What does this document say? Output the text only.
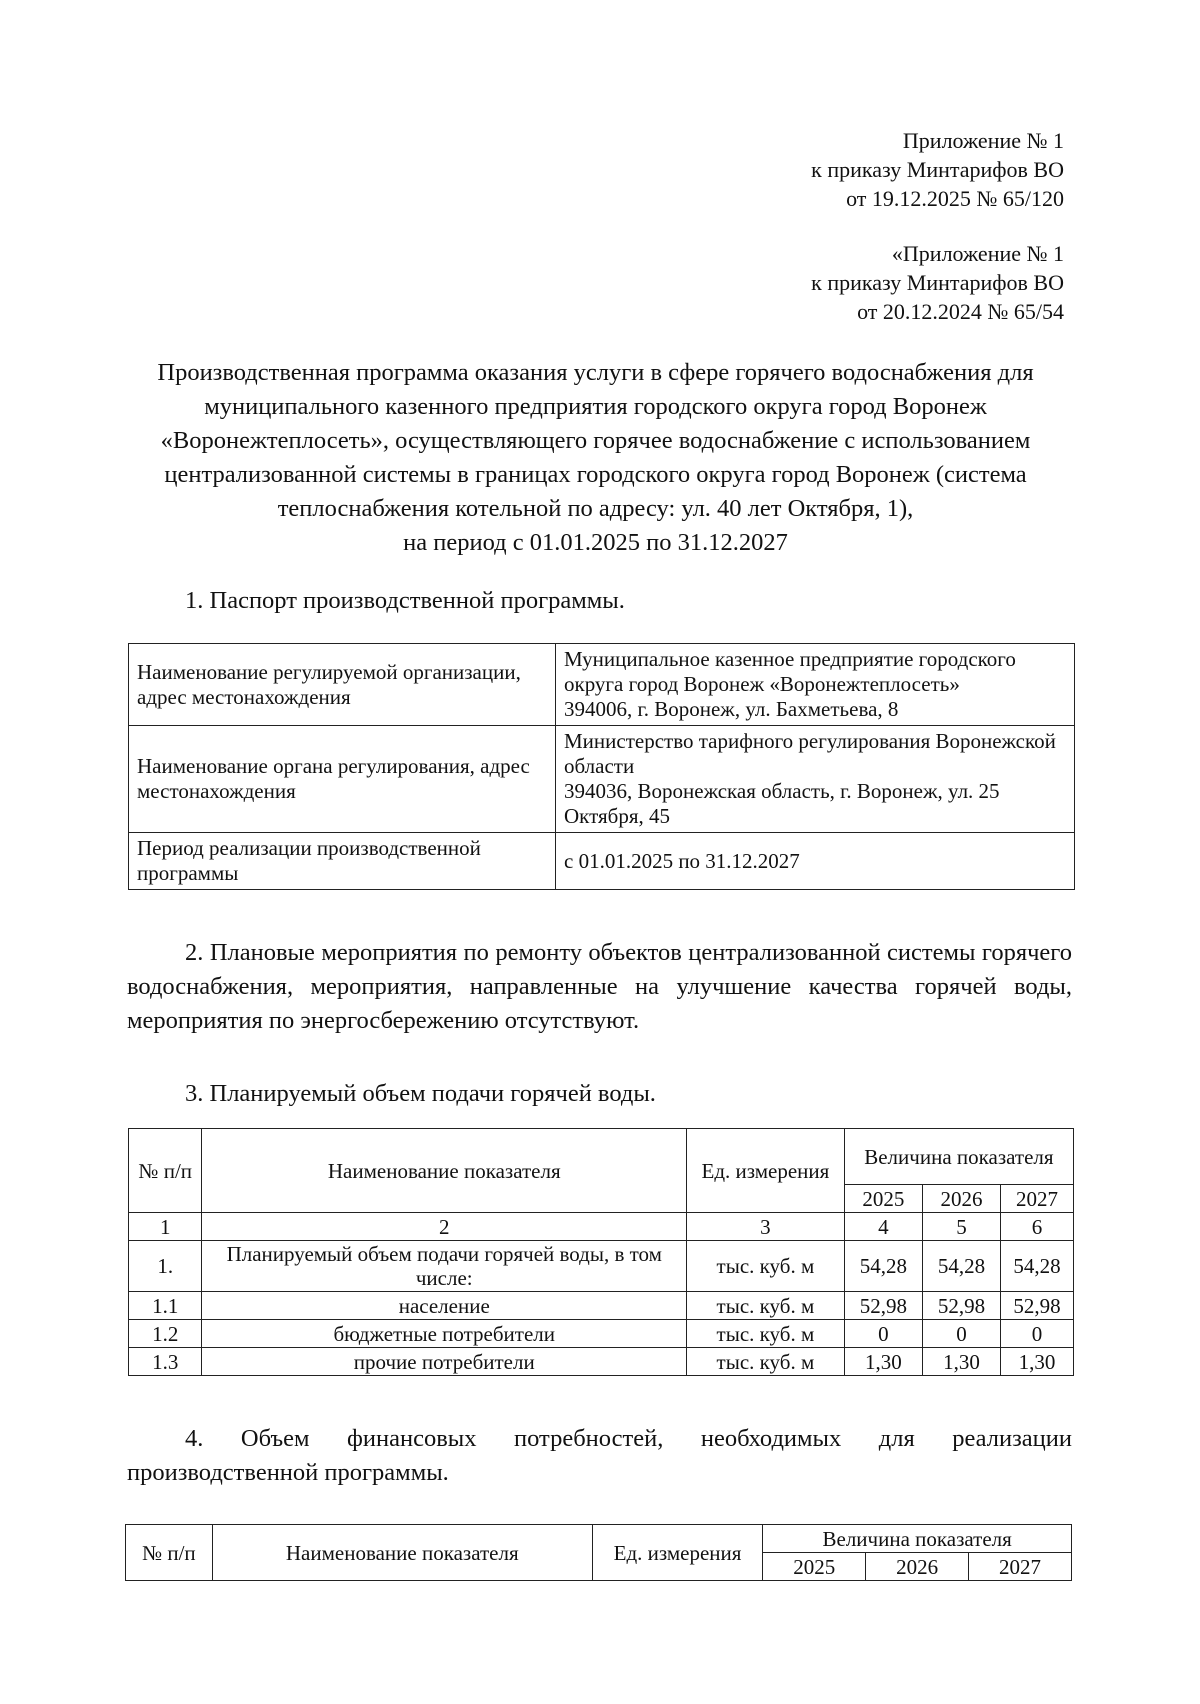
Приложение № 1

к приказу Минтарифов ВО

от 19.12.2025 № 65/120

«Приложение № 1

к приказу Минтарифов ВО

от 20.12.2024 № 65/54

Производственная программа оказания услуги в сфере горячего водоснабжения для
муниципального казенного предприятия городского округа город Воронеж
«Воронежтеплосеть», осуществляющего горячее водоснабжение с использованием
централизованной системы в границах городского округа город Воронеж (система
теплоснабжения котельной по адресу: ул. 40 лет Октября, 1),
на период с 01.01.2025 по 31.12.2027
1. Паспорт производственной программы.
Наименование регулируемой организации, адрес местонахождения	Муниципальное казенное предприятие городского округа город Воронеж «Воронежтеплосеть»
394006, г. Воронеж, ул. Бахметьева, 8

Наименование органа регулирования, адрес местонахождения	Министерство тарифного регулирования Воронежской области
394036, Воронежская область, г. Воронеж, ул. 25 Октября, 45

Период реализации производственной программы	с 01.01.2025 по 31.12.2027
2. Плановые мероприятия по ремонту объектов централизованной системы горячего водоснабжения, мероприятия, направленные на улучшение качества горячей воды, мероприятия по энергосбережению отсутствуют.
3. Планируемый объем подачи горячей воды.
№ п/п	Наименование показателя	Ед. измерения	Величина показателя		
			2025	2026	2027
1	2	3	4	5	6
1.	Планируемый объем подачи горячей воды, в том числе:	тыс. куб. м	54,28	54,28	54,28
1.1	население	тыс. куб. м	52,98	52,98	52,98
1.2	бюджетные потребители	тыс. куб. м	0	0	0
1.3	прочие потребители	тыс. куб. м	1,30	1,30	1,30
4. Объем финансовых потребностей, необходимых для реализации
производственной программы.
№ п/п	Наименование показателя	Ед. измерения	Величина показателя		
			2025	2026	2027
